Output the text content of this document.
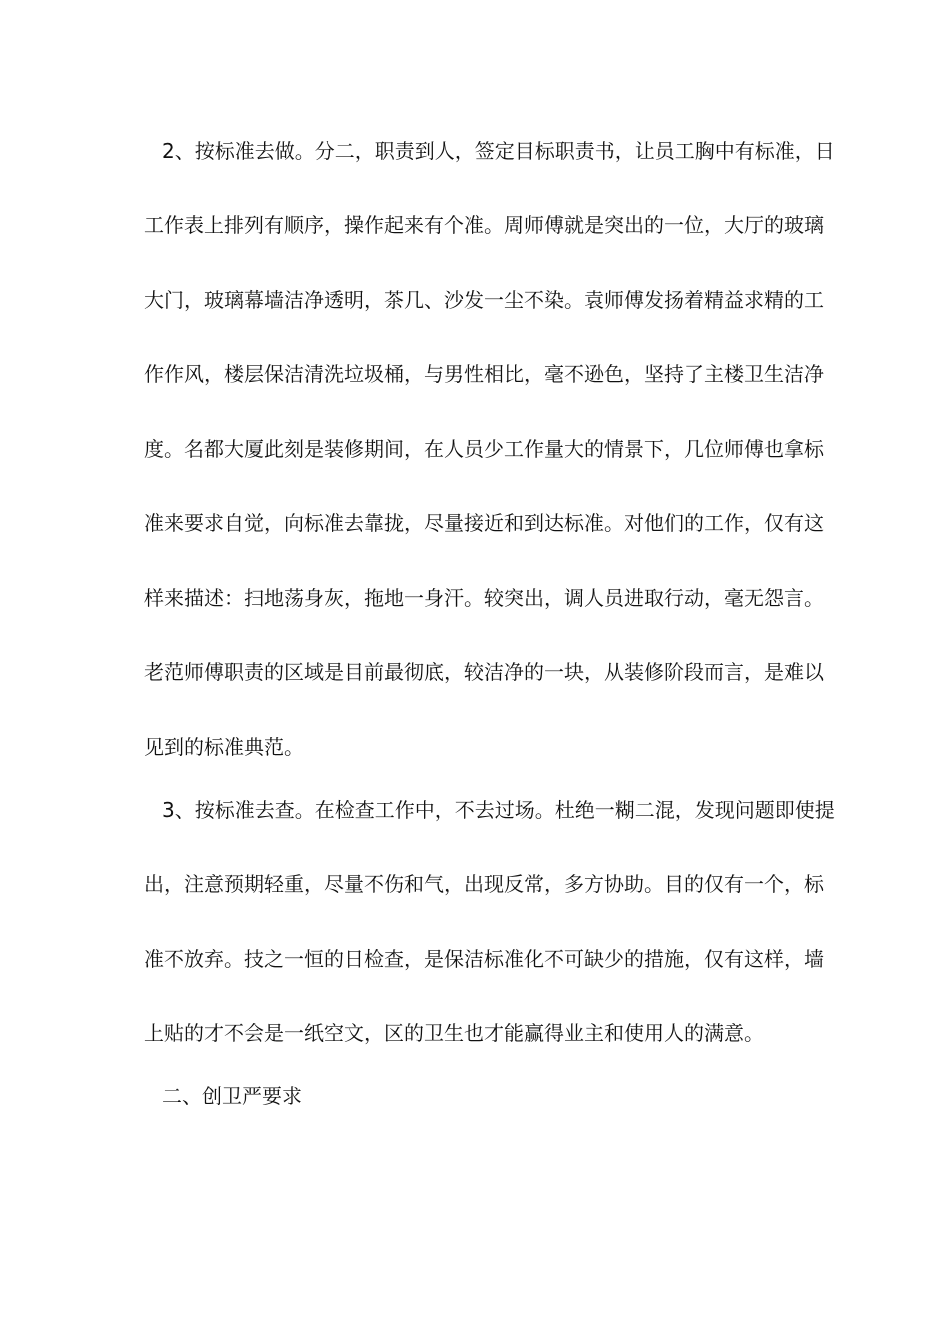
2、按标准去做。分二，职责到人，签定目标职责书，让员工胸中有标准，日
工作表上排列有顺序，操作起来有个准。周师傅就是突出的一位，大厅的玻璃
大门，玻璃幕墙洁净透明，茶几、沙发一尘不染。袁师傅发扬着精益求精的工
作作风，楼层保洁清洗垃圾桶，与男性相比，毫不逊色，坚持了主楼卫生洁净
度。名都大厦此刻是装修期间，在人员少工作量大的情景下，几位师傅也拿标
准来要求自觉，向标准去靠拢，尽量接近和到达标准。对他们的工作，仅有这
样来描述：扫地荡身灰，拖地一身汗。较突出，调人员进取行动，毫无怨言。
老范师傅职责的区域是目前最彻底，较洁净的一块，从装修阶段而言，是难以
见到的标准典范。
3、按标准去查。在检查工作中，不去过场。杜绝一糊二混，发现问题即使提
出，注意预期轻重，尽量不伤和气，出现反常，多方协助。目的仅有一个，标
准不放弃。技之一恒的日检查，是保洁标准化不可缺少的措施，仅有这样，墙
上贴的才不会是一纸空文，区的卫生也才能赢得业主和使用人的满意。
二、创卫严要求
